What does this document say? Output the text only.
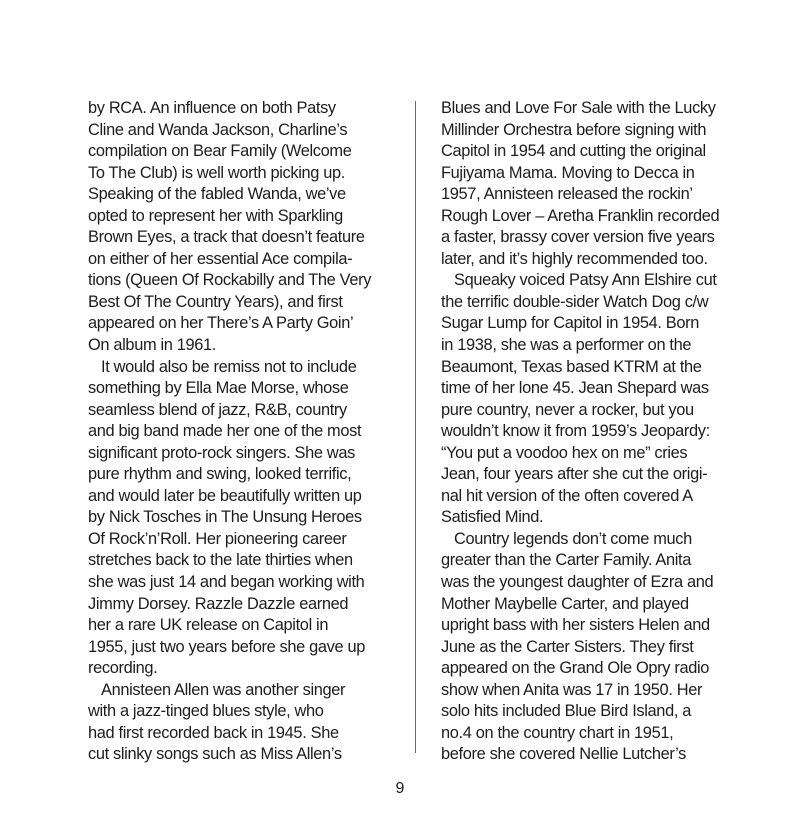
by RCA. An influence on both Patsy
Cline and Wanda Jackson, Charline’s
compilation on Bear Family (Welcome
To The Club) is well worth picking up.
Speaking of the fabled Wanda, we’ve
opted to represent her with Sparkling
Brown Eyes, a track that doesn’t feature
on either of her essential Ace compila-
tions (Queen Of Rockabilly and The Very
Best Of The Country Years), and first
appeared on her There’s A Party Goin’
On album in 1961.

It would also be remiss not to include
something by Ella Mae Morse, whose
seamless blend of jazz, R&B, country
and big band made her one of the most
significant proto-rock singers. She was
pure rhythm and swing, looked terrific,
and would later be beautifully written up
by Nick Tosches in The Unsung Heroes
Of Rock’n’Roll. Her pioneering career
stretches back to the late thirties when
she was just 14 and began working with
Jimmy Dorsey. Razzle Dazzle earned
her a rare UK release on Capitol in
1955, just two years before she gave up
recording.

Annisteen Allen was another singer
with a jazz-tinged blues style, who
had first recorded back in 1945. She
cut slinky songs such as Miss Allen’s

Blues and Love For Sale with the Lucky
Millinder Orchestra before signing with
Capitol in 1954 and cutting the original
Fujiyama Mama. Moving to Decca in
1957, Annisteen released the rockin’
Rough Lover – Aretha Franklin recorded
a faster, brassy cover version five years
later, and it’s highly recommended too.

Squeaky voiced Patsy Ann Elshire cut
the terrific double-sider Watch Dog c/w
Sugar Lump for Capitol in 1954. Born
in 1938, she was a performer on the
Beaumont, Texas based KTRM at the
time of her lone 45. Jean Shepard was
pure country, never a rocker, but you
wouldn’t know it from 1959’s Jeopardy:
“You put a voodoo hex on me” cries
Jean, four years after she cut the origi-
nal hit version of the often covered A
Satisfied Mind.

Country legends don’t come much
greater than the Carter Family. Anita
was the youngest daughter of Ezra and
Mother Maybelle Carter, and played
upright bass with her sisters Helen and
June as the Carter Sisters. They first
appeared on the Grand Ole Opry radio
show when Anita was 17 in 1950. Her
solo hits included Blue Bird Island, a
no.4 on the country chart in 1951,
before she covered Nellie Lutcher’s

9
